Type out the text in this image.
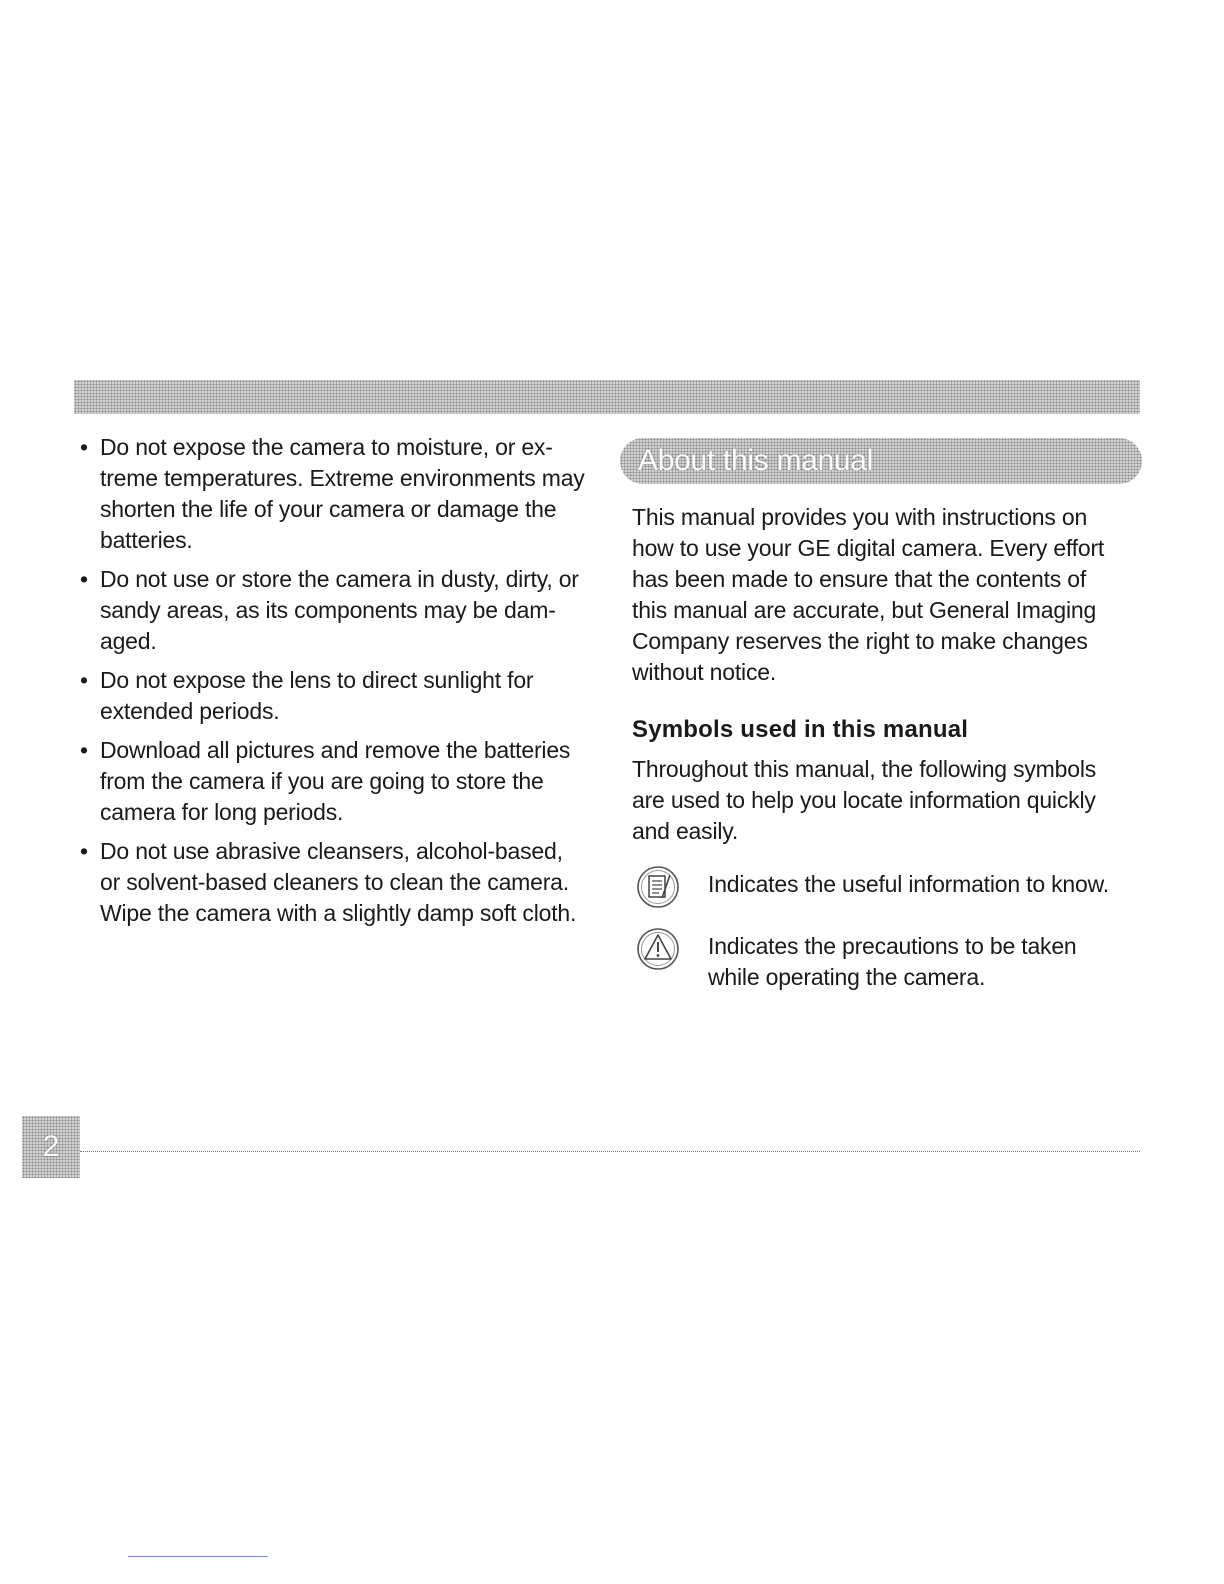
• Do not expose the camera to moisture, or ex-
treme temperatures. Extreme environments may
shorten the life of your camera or damage the
batteries.
• Do not use or store the camera in dusty, dirty, or
sandy areas, as its components may be dam-
aged.
• Do not expose the lens to direct sunlight for
extended periods.
• Download all pictures and remove the batteries
from the camera if you are going to store the
camera for long periods.
• Do not use abrasive cleansers, alcohol-based,
or solvent-based cleaners to clean the camera.
Wipe the camera with a slightly damp soft cloth.
About this manual
This manual provides you with instructions on
how to use your GE digital camera. Every effort
has been made to ensure that the contents of
this manual are accurate, but General Imaging
Company reserves the right to make changes
without notice.
Symbols used in this manual
Throughout this manual, the following symbols
are used to help you locate information quickly
and easily.
Indicates the useful information to know.
Indicates the precautions to be taken
while operating the camera.
2
